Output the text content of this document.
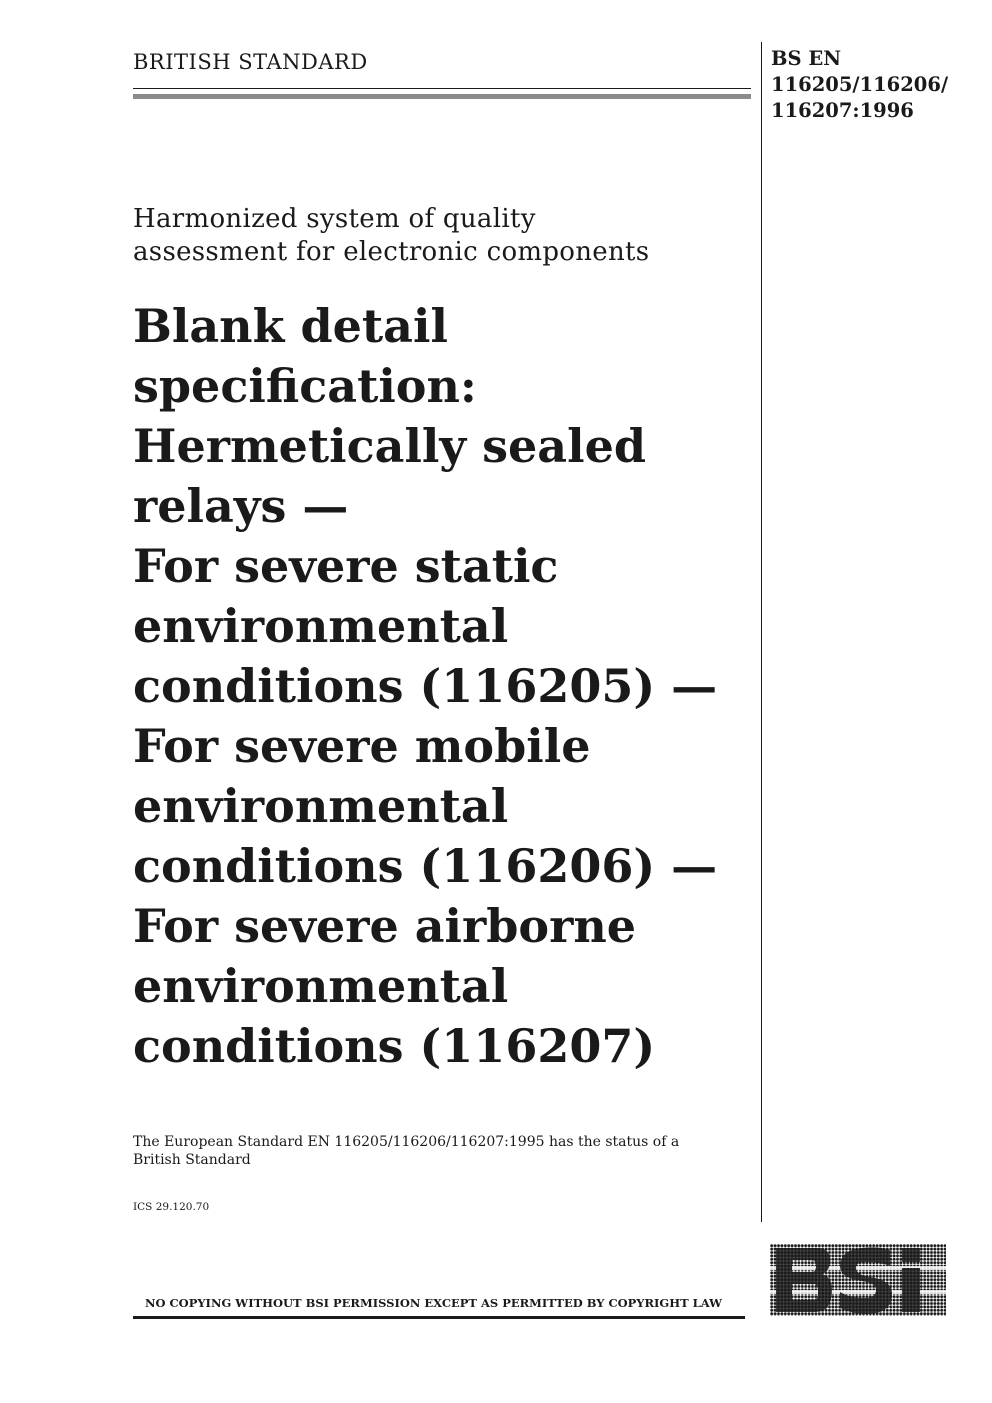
BRITISH STANDARD	BS EN
116205/116206/
116207:1996
Harmonized system of quality
assessment for electronic components
Blank detail
specification:
Hermetically sealed
relays —
For severe static
environmental
conditions (116205) —
For severe mobile
environmental
conditions (116206) —
For severe airborne
environmental
conditions (116207)
The European Standard EN 116205/116206/116207:1995 has the status of a
British Standard
ICS 29.120.70
NO COPYING WITHOUT BSI PERMISSION EXCEPT AS PERMITTED BY COPYRIGHT LAW
